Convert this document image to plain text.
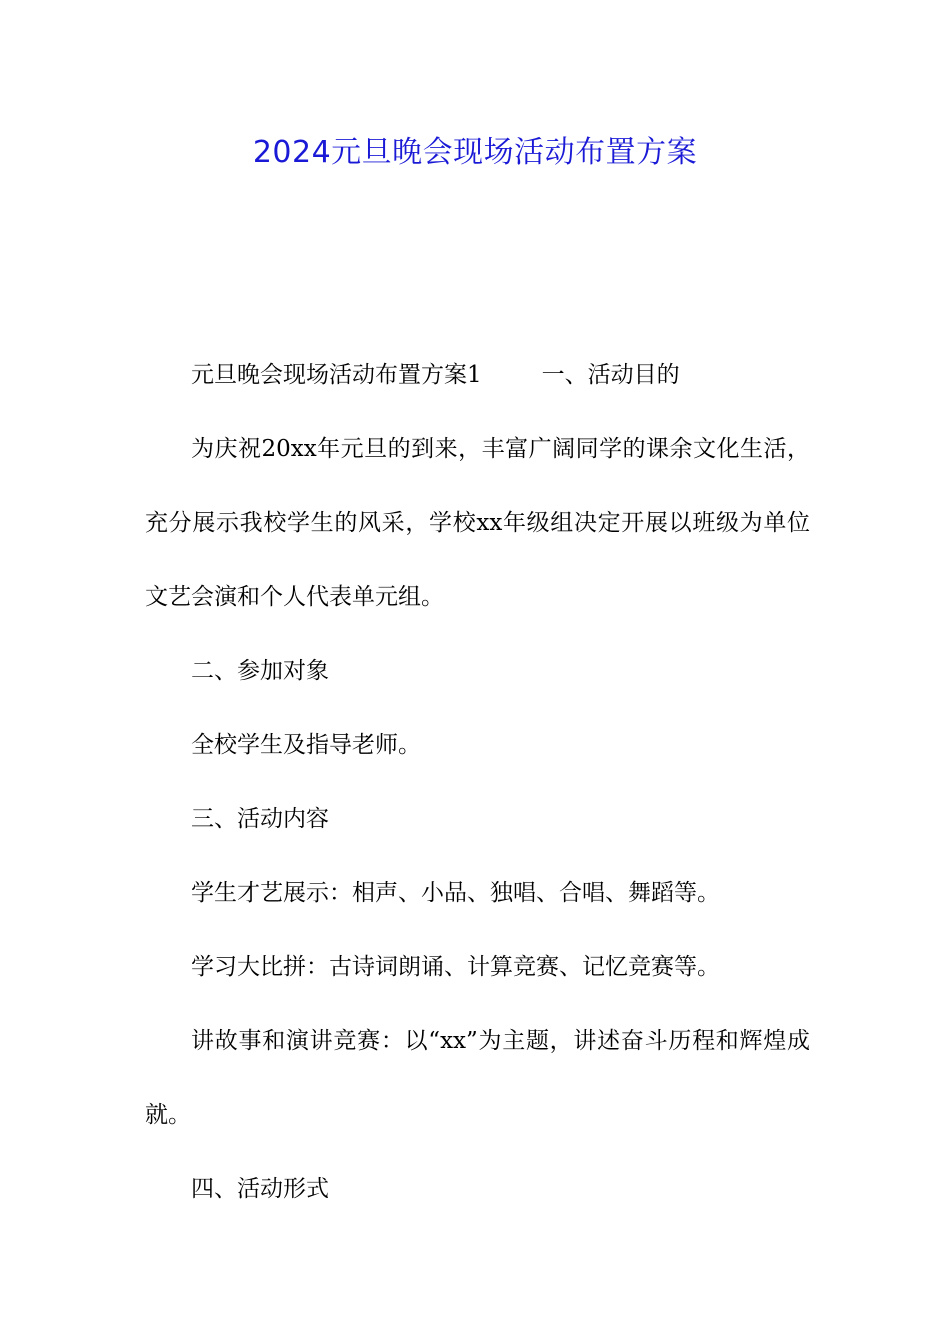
2024元旦晚会现场活动布置方案

元旦晚会现场活动布置方案1	一、活动目的

为庆祝20xx年元旦的到来，丰富广阔同学的课余文化生活，充分展示我校学生的风采，学校xx年级组决定开展以班级为单位文艺会演和个人代表单元组。

二、参加对象

全校学生及指导老师。

三、活动内容

学生才艺展示：相声、小品、独唱、合唱、舞蹈等。

学习大比拼：古诗词朗诵、计算竞赛、记忆竞赛等。

讲故事和演讲竞赛：以“xx”为主题，讲述奋斗历程和辉煌成就。

四、活动形式
